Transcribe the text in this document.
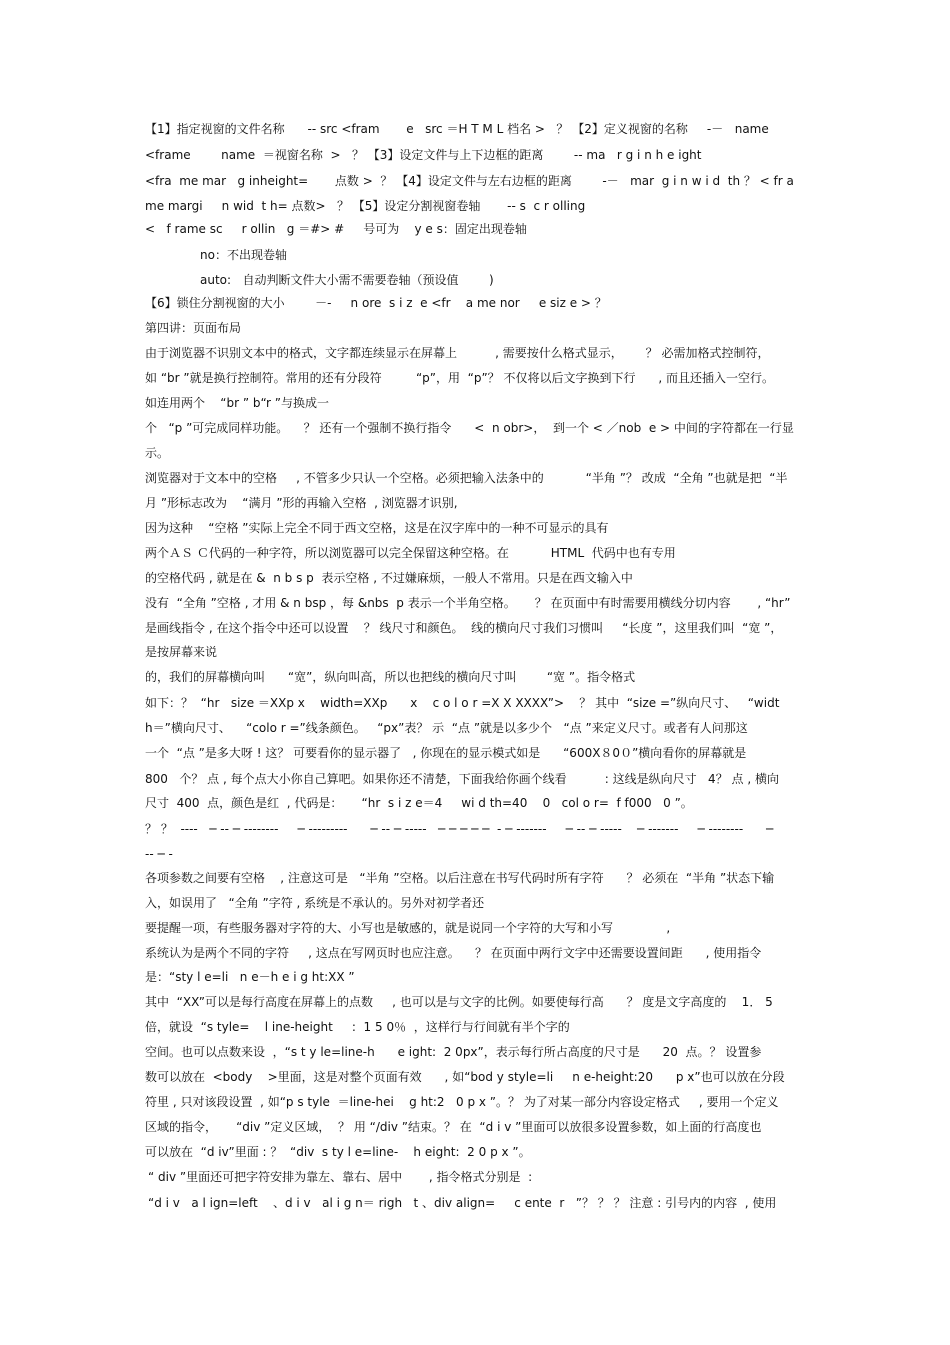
【1】指定视窗的文件名称      -- src <fram       e   src ＝H T M L 档名 >   ？ 【2】定义视窗的名称     -－   name
<frame        name  ＝视窗名称  >   ？ 【3】设定文件与上下边框的距离        -- ma   r g i n h e ight
<fra  me mar   g inheight=       点数 >  ？ 【4】设定文件与左右边框的距离        -－   mar  g i n w i d  th ？ < fr a
me margi     n wid  t h= 点数>   ？ 【5】设定分割视窗卷轴       -- s  c r olling
<   f rame sc     r ollin   g ＝#> #     号可为    y e s：固定出现卷轴
no：不出现卷轴
auto:   自动判断文件大小需不需要卷轴（预设值        )
【6】锁住分割视窗的大小        －-     n ore  s i z  e <fr    a me nor     e siz e > ？
第四讲：页面布局
由于浏览器不识别文本中的格式，文字都连续显示在屏幕上          , 需要按什么格式显示，      ？ 必需加格式控制符，
如 “br ”就是换行控制符。常用的还有分段符         “p”，用  “p”？ 不仅将以后文字换到下行      , 而且还插入一空行。
如连用两个    “br ” b“r ”与换成一
个   “p ”可完成同样功能。    ？ 还有一个强制不换行指令      <  n obr>，  到一个 < ／nob  e > 中间的字符都在一行显
示。
浏览器对于文本中的空格     , 不管多少只认一个空格。必须把输入法条中的           “半角 ”？ 改成  “全角 ”也就是把  “半
月 ”形标志改为    “满月 ”形的再输入空格  , 浏览器才识别,
因为这种    “空格 ”实际上完全不同于西文空格，这是在汉字库中的一种不可显示的具有
两个ＡＳ Ｃ代码的一种字符，所以浏览器可以完全保留这种空格。在           HTML  代码中也有专用
的空格代码 , 就是在 &  n b s p  表示空格 , 不过嫌麻烦，一般人不常用。只是在西文输入中
没有  “全角 ”空格 , 才用 & n bsp ，每 &nbs  p 表示一个半角空格。     ？ 在页面中有时需要用横线分切内容       , “hr”
是画线指令 , 在这个指令中还可以设置    ？ 线尺寸和颜色。  线的横向尺寸我们习惯叫     “长度 ”，这里我们叫  “宽 ”，
是按屏幕来说
的，我们的屏幕横向叫      “宽”，纵向叫高，所以也把线的横向尺寸叫        “宽 ”。指令格式
如下：？  “hr   size ＝XXp x    width=XXp      x    c o l o r =X X XXXX”>    ？ 其中  “size =”纵向尺寸、   “widt
h＝”横向尺寸、    “colo r =”线条颜色。   “px”表？ 示  “点 ”就是以多少个   “点 ”来定义尺寸。或者有人问那这
一个  “点 ”是多大呀 ! 这？ 可要看你的显示器了   , 你现在的显示模式如是      “600X８0０”横向看你的屏幕就是
800   个？ 点 , 每个点大小你自己算吧。如果你还不清楚，下面我给你画个线看          : 这线是纵向尺寸   4？ 点 , 横向
尺寸  400  点，颜色是红  , 代码是：     “hr  s i z e＝4     wi d th=40    0   col o r=  f f000   0 ”。
？ ？  ----   ─ -- ─ --------     ─ ---------      ─ -- ─ -----   ─ ─ ─ ─ ─  - ─ -------     ─ -- ─ -----    ─ -------     ─ --------      ─
-- ─ -
各项参数之间要有空格    , 注意这可是   “半角 ”空格。以后注意在书写代码时所有字符      ？ 必须在  “半角 ”状态下输
入，如误用了   “全角 ”字符 , 系统是不承认的。另外对初学者还
要提醒一项，有些服务器对字符的大、小写也是敏感的，就是说同一个字符的大写和小写              ,
系统认为是两个不同的字符     , 这点在写网页时也应注意。    ？ 在页面中两行文字中还需要设置间距      , 使用指令
是：“sty l e=li   n e－h e i g ht:XX ”
其中  “XX”可以是每行高度在屏幕上的点数     , 也可以是与文字的比例。如要使每行高      ？ 度是文字高度的    1． 5
倍，就设  “s tyle=    l ine-height     :  1 5 0％  ，这样行与行间就有半个字的
空间。也可以点数来设  ，“s t y le=line-h      e ight:  2 0px”，表示每行所占高度的尺寸是      20  点。？ 设置参
数可以放在  <body    >里面，这是对整个页面有效      , 如“bod y style=li     n e-height:20      p x”也可以放在分段
符里 , 只对该段设置  , 如“p s tyle  ＝line-hei    g ht:2   0 p x ”。？ 为了对某一部分内容设定格式     , 要用一个定义
区域的指令，     “div ”定义区域，  ？ 用 “/div ”结束。？ 在  “d i v ”里面可以放很多设置参数，如上面的行高度也
可以放在  “d iv”里面 : ？  “div  s ty l e=line-    h eight:  2 0 p x ”。
“ div ”里面还可把字符安排为靠左、靠右、居中       , 指令格式分别是  :
“d i v   a l ign=left    、d i v   al i g n＝ righ   t 、div align=     c ente  r   ”？ ？ ？ 注意 : 引号内的内容  , 使用
